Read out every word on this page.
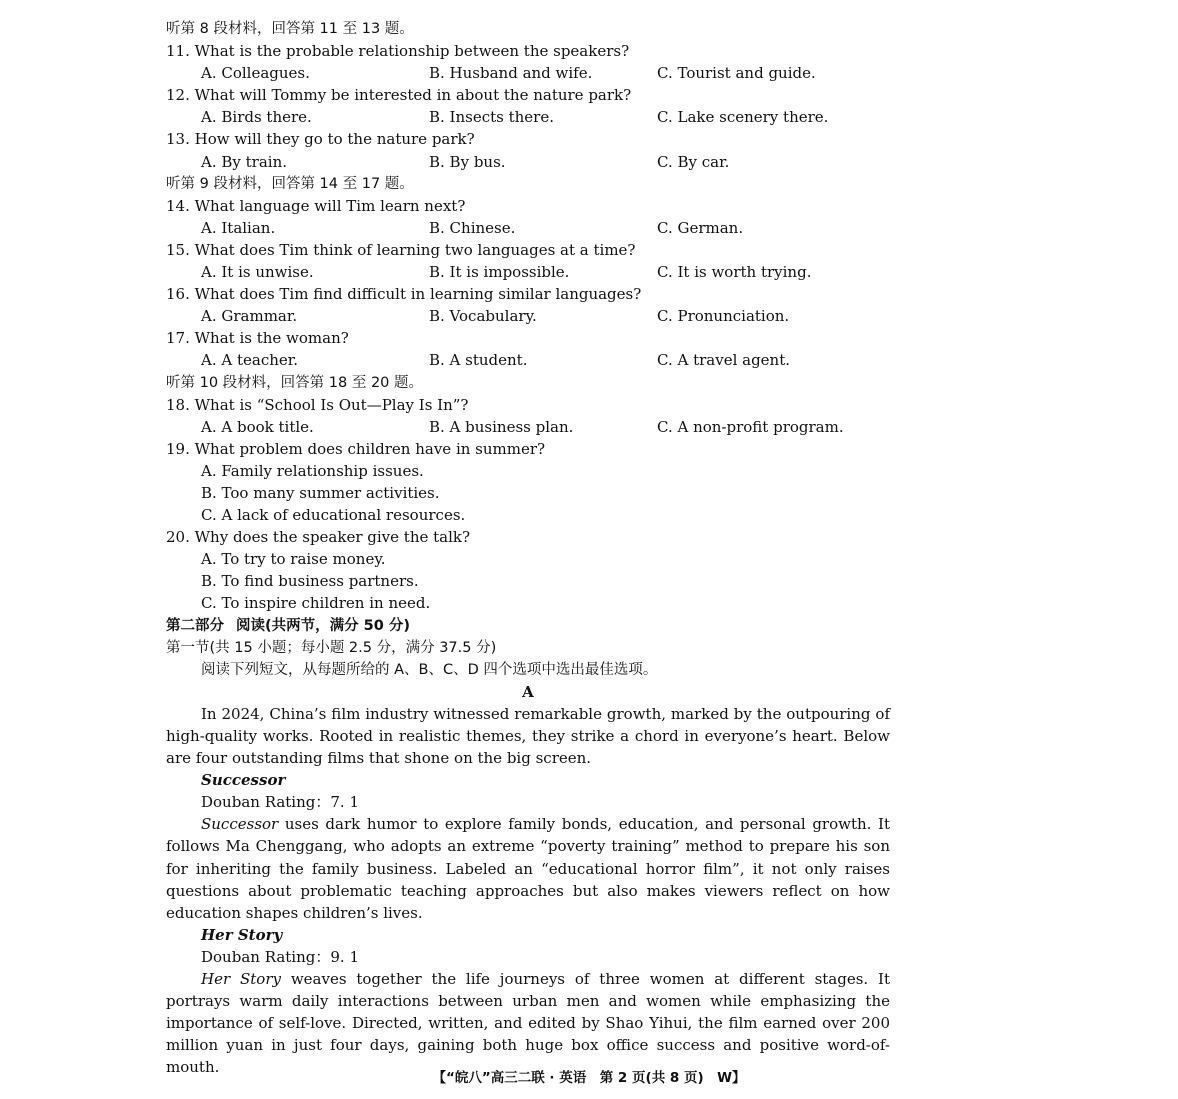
听第 8 段材料，回答第 11 至 13 题。
11. What is the probable relationship between the speakers?
A. Colleagues.	B. Husband and wife.	C. Tourist and guide.
12. What will Tommy be interested in about the nature park?
A. Birds there.	B. Insects there.	C. Lake scenery there.
13. How will they go to the nature park?
A. By train.	B. By bus.	C. By car.
听第 9 段材料，回答第 14 至 17 题。
14. What language will Tim learn next?
A. Italian.	B. Chinese.	C. German.
15. What does Tim think of learning two languages at a time?
A. It is unwise.	B. It is impossible.	C. It is worth trying.
16. What does Tim find difficult in learning similar languages?
A. Grammar.	B. Vocabulary.	C. Pronunciation.
17. What is the woman?
A. A teacher.	B. A student.	C. A travel agent.
听第 10 段材料，回答第 18 至 20 题。
18. What is “School Is Out—Play Is In”?
A. A book title.	B. A business plan.	C. A non-profit program.
19. What problem does children have in summer?
A. Family relationship issues.
B. Too many summer activities.
C. A lack of educational resources.
20. Why does the speaker give the talk?
A. To try to raise money.
B. To find business partners.
C. To inspire children in need.
第二部分 阅读(共两节，满分 50 分)
第一节(共 15 小题；每小题 2.5 分，满分 37.5 分)
阅读下列短文，从每题所给的 A、B、C、D 四个选项中选出最佳选项。
A

In 2024, China’s film industry witnessed remarkable growth, marked by the outpouring of high-quality works. Rooted in realistic themes, they strike a chord in everyone’s heart. Below are four outstanding films that shone on the big screen.

Successor
Douban Rating：7. 1

Successor uses dark humor to explore family bonds, education, and personal growth. It follows Ma Chenggang, who adopts an extreme “poverty training” method to prepare his son for inheriting the family business. Labeled an “educational horror film”, it not only raises questions about problematic teaching approaches but also makes viewers reflect on how education shapes children’s lives.

Her Story
Douban Rating：9. 1

Her Story weaves together the life journeys of three women at different stages. It portrays warm daily interactions between urban men and women while emphasizing the importance of self-love. Directed, written, and edited by Shao Yihui, the film earned over 200 million yuan in just four days, gaining both huge box office success and positive word-of-mouth.

【“皖八”高三二联 · 英语　第 2 页(共 8 页)　W】
